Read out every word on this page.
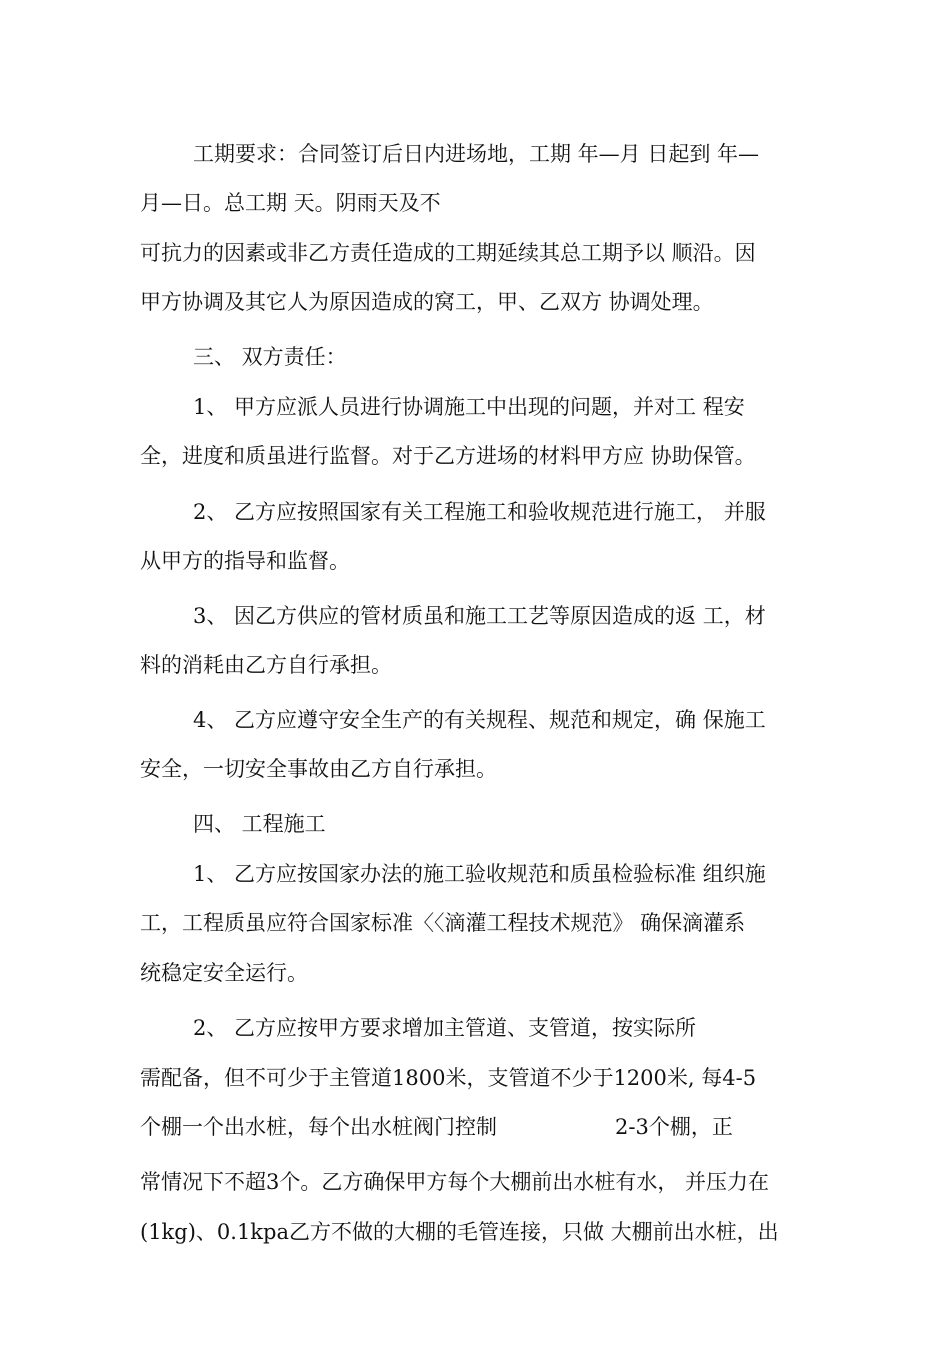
工期要求：合同签订后日内进场地，工期 年—月 日起到 年—
月—日。总工期 天。阴雨天及不
可抗力的因素或非乙方责任造成的工期延续其总工期予以 顺沿。因
甲方协调及其它人为原因造成的窝工，甲、乙双方 协调处理。
三、 双方责任：
1、 甲方应派人员进行协调施工中出现的问题，并对工 程安
全，进度和质虽进行监督。对于乙方进场的材料甲方应 协助保管。
2、 乙方应按照国家有关工程施工和验收规范进行施工， 并服
从甲方的指导和监督。
3、 因乙方供应的管材质虽和施工工艺等原因造成的返 工，材
料的消耗由乙方自行承担。
4、 乙方应遵守安全生产的有关规程、规范和规定，确 保施工
安全，一切安全事故由乙方自行承担。
四、 工程施工
1、 乙方应按国家办法的施工验收规范和质虽检验标准 组织施
工，工程质虽应符合国家标准〈〈滴灌工程技术规范》 确保滴灌系
统稳定安全运行。
2、 乙方应按甲方要求增加主管道、支管道，按实际所
需配备，但不可少于主管道1800米，支管道不少于1200米, 每4-5
个棚一个出水桩，每个出水桩阀门控制	2-3个棚，正
常情况下不超3个。乙方确保甲方每个大棚前出水桩有水， 并压力在
(1kg)、0.1kpa乙方不做的大棚的毛管连接，只做 大棚前出水桩，出
